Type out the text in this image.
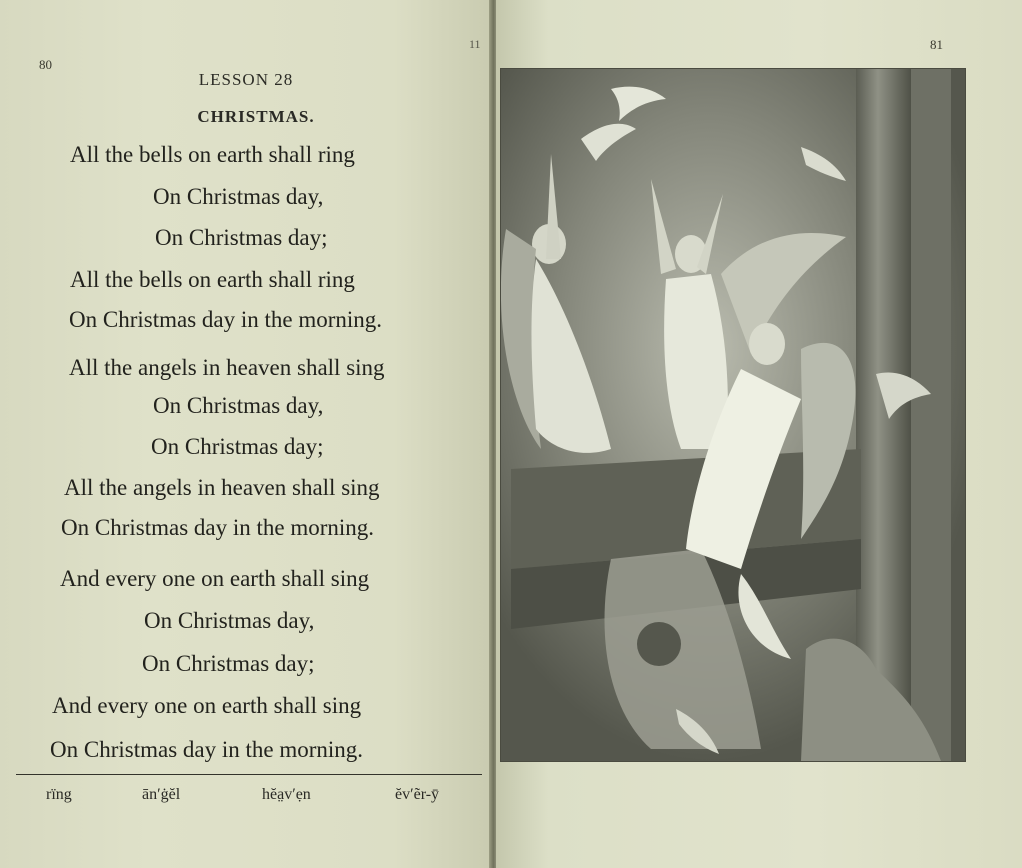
80
11
LESSON 28
CHRISTMAS.
All the bells on earth shall ring
On Christmas day,
On Christmas day;
All the bells on earth shall ring
On Christmas day in the morning.
All the angels in heaven shall sing
On Christmas day,
On Christmas day;
All the angels in heaven shall sing
On Christmas day in the morning.
And every one on earth shall sing
On Christmas day,
On Christmas day;
And every one on earth shall sing
On Christmas day in the morning.
rïng	ān′ġĕl	hĕa̤v′ẹn	ĕv′ẽr-ȳ
81
